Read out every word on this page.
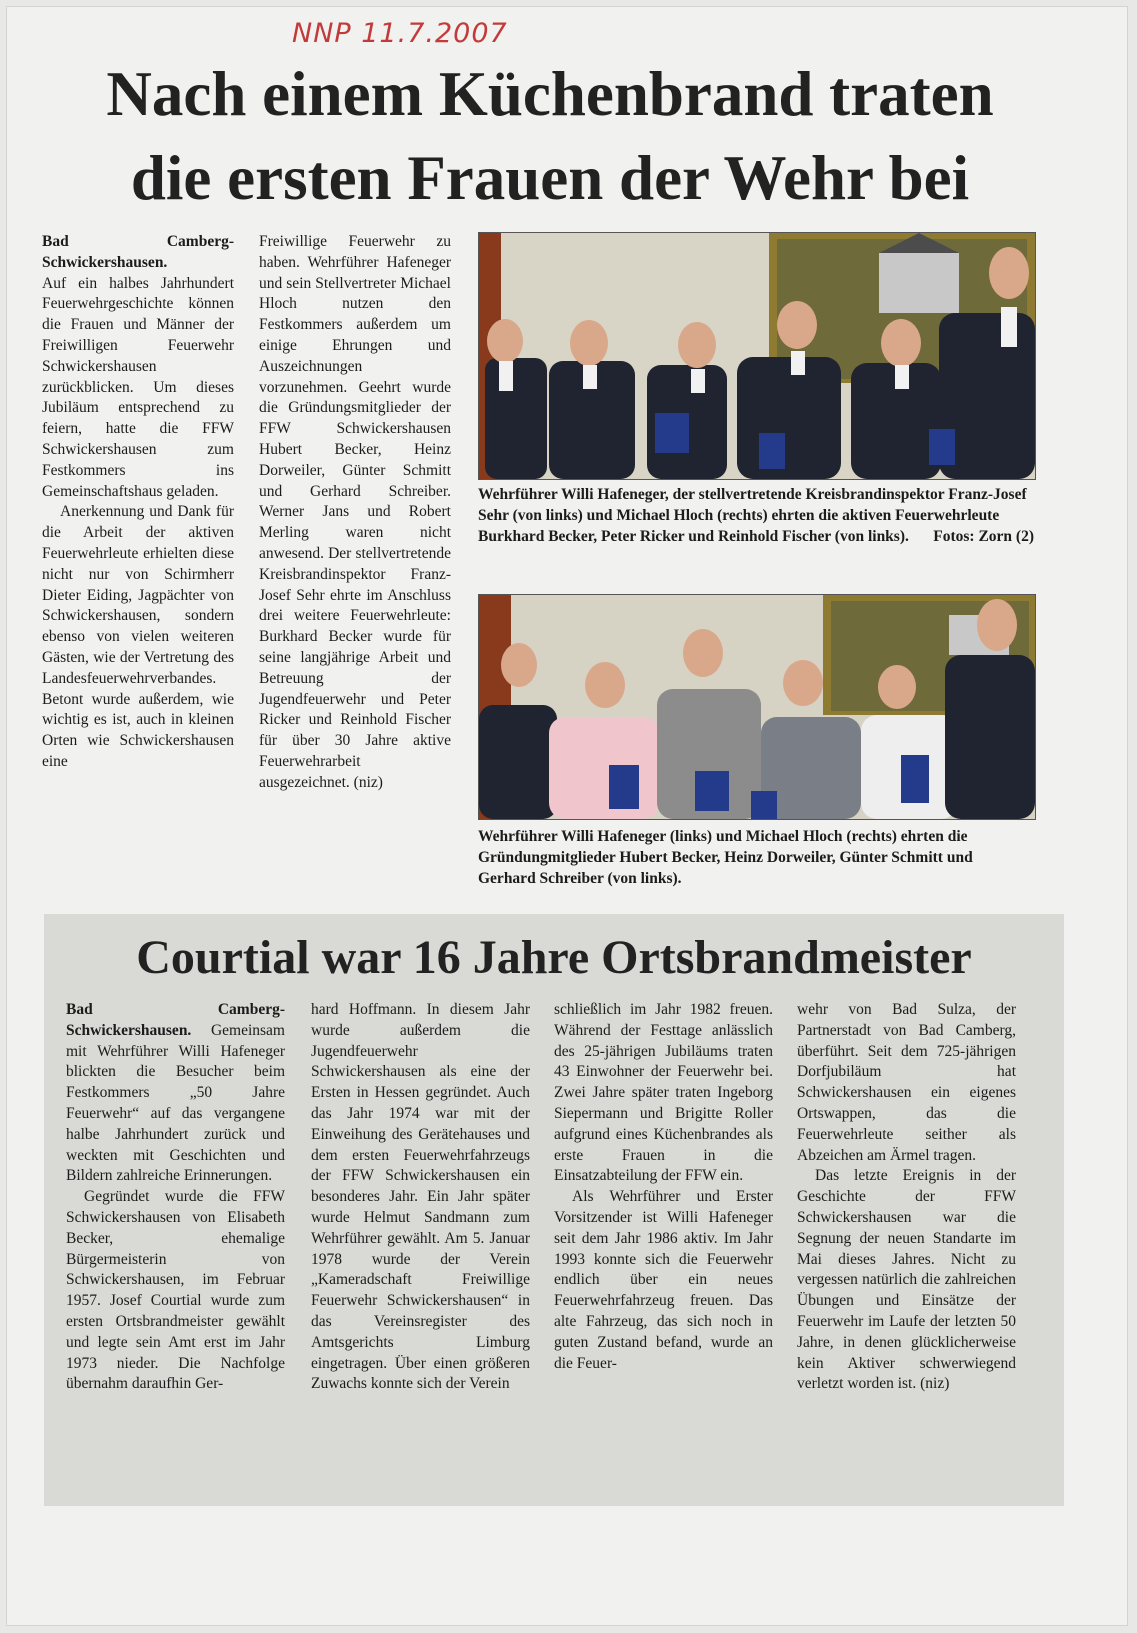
NNP 11.7.2007
Nach einem Küchenbrand traten
die ersten Frauen der Wehr bei

Bad Camberg-Schwickershausen.
Auf ein halbes Jahrhundert Feuerwehrgeschichte können die Frauen und Männer der Freiwilligen Feuerwehr Schwickershausen zurückblicken. Um dieses Jubiläum entsprechend zu feiern, hatte die FFW Schwickershausen zum Festkommers ins Gemeinschaftshaus geladen.

Anerkennung und Dank für die Arbeit der aktiven Feuerwehrleute erhielten diese nicht nur von Schirmherr Dieter Eiding, Jagpächter von Schwickershausen, sondern ebenso von vielen weiteren Gästen, wie der Vertretung des Landesfeuerwehrverbandes. Betont wurde außerdem, wie wichtig es ist, auch in kleinen Orten wie Schwickershausen eine

Freiwillige Feuerwehr zu haben. Wehrführer Hafeneger und sein Stellvertreter Michael Hloch nutzen den Festkommers außerdem um einige Ehrungen und Auszeichnungen vorzunehmen. Geehrt wurde die Gründungsmitglieder der FFW Schwickershausen Hubert Becker, Heinz Dorweiler, Günter Schmitt und Gerhard Schreiber. Werner Jans und Robert Merling waren nicht anwesend. Der stellvertretende Kreisbrandinspektor Franz-Josef Sehr ehrte im Anschluss drei weitere Feuerwehrleute: Burkhard Becker wurde für seine langjährige Arbeit und Betreuung der Jugendfeuerwehr und Peter Ricker und Reinhold Fischer für über 30 Jahre aktive Feuerwehrarbeit ausgezeichnet. (niz)

Wehrführer Willi Hafeneger, der stellvertretende Kreisbrandinspektor Franz-Josef Sehr (von links) und Michael Hloch (rechts) ehrten die aktiven Feuerwehrleute Burkhard Becker, Peter Ricker und Reinhold Fischer (von links). Fotos: Zorn (2)
Wehrführer Willi Hafeneger (links) und Michael Hloch (rechts) ehrten die Gründungmitglieder Hubert Becker, Heinz Dorweiler, Günter Schmitt und Gerhard Schreiber (von links).
Courtial war 16 Jahre Ortsbrandmeister

Bad Camberg-Schwickershausen. Gemeinsam mit Wehrführer Willi Hafeneger blickten die Besucher beim Festkommers „50 Jahre Feuerwehr“ auf das vergangene halbe Jahrhundert zurück und weckten mit Geschichten und Bildern zahlreiche Erinnerungen.

Gegründet wurde die FFW Schwickershausen von Elisabeth Becker, ehemalige Bürgermeisterin von Schwickershausen, im Februar 1957. Josef Courtial wurde zum ersten Ortsbrandmeister gewählt und legte sein Amt erst im Jahr 1973 nieder. Die Nachfolge übernahm daraufhin Ger-

hard Hoffmann. In diesem Jahr wurde außerdem die Jugendfeuerwehr Schwickershausen als eine der Ersten in Hessen gegründet. Auch das Jahr 1974 war mit der Einweihung des Gerätehauses und dem ersten Feuerwehrfahrzeugs der FFW Schwickershausen ein besonderes Jahr. Ein Jahr später wurde Helmut Sandmann zum Wehrführer gewählt. Am 5. Januar 1978 wurde der Verein „Kameradschaft Freiwillige Feuerwehr Schwickershausen“ in das Vereinsregister des Amtsgerichts Limburg eingetragen. Über einen größeren Zuwachs konnte sich der Verein

schließlich im Jahr 1982 freuen. Während der Festtage anlässlich des 25-jährigen Jubiläums traten 43 Einwohner der Feuerwehr bei. Zwei Jahre später traten Ingeborg Siepermann und Brigitte Roller aufgrund eines Küchenbrandes als erste Frauen in die Einsatzabteilung der FFW ein.

Als Wehrführer und Erster Vorsitzender ist Willi Hafeneger seit dem Jahr 1986 aktiv. Im Jahr 1993 konnte sich die Feuerwehr endlich über ein neues Feuerwehrfahrzeug freuen. Das alte Fahrzeug, das sich noch in guten Zustand befand, wurde an die Feuer-

wehr von Bad Sulza, der Partnerstadt von Bad Camberg, überführt. Seit dem 725-jährigen Dorfjubiläum hat Schwickershausen ein eigenes Ortswappen, das die Feuerwehrleute seither als Abzeichen am Ärmel tragen.

Das letzte Ereignis in der Geschichte der FFW Schwickershausen war die Segnung der neuen Standarte im Mai dieses Jahres. Nicht zu vergessen natürlich die zahlreichen Übungen und Einsätze der Feuerwehr im Laufe der letzten 50 Jahre, in denen glücklicherweise kein Aktiver schwerwiegend verletzt worden ist. (niz)
